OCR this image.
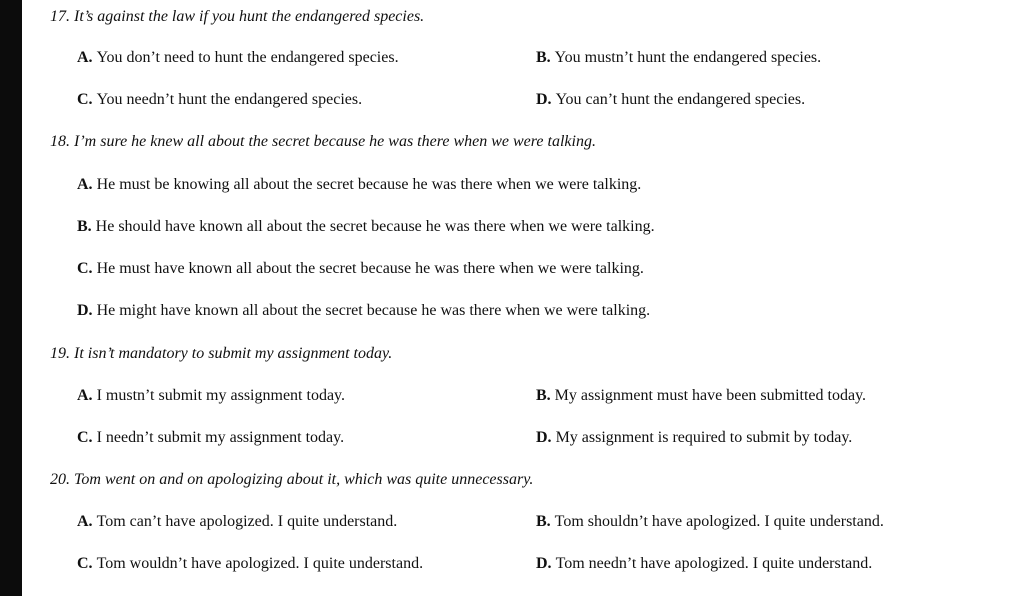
17. It’s against the law if you hunt the endangered species.
A. You don’t need to hunt the endangered species.	B. You mustn’t hunt the endangered species.
C. You needn’t hunt the endangered species.	D. You can’t hunt the endangered species.
18. I’m sure he knew all about the secret because he was there when we were talking.
A. He must be knowing all about the secret because he was there when we were talking.
B. He should have known all about the secret because he was there when we were talking.
C. He must have known all about the secret because he was there when we were talking.
D. He might have known all about the secret because he was there when we were talking.
19. It isn’t mandatory to submit my assignment today.
A. I mustn’t submit my assignment today.	B. My assignment must have been submitted today.
C. I needn’t submit my assignment today.	D. My assignment is required to submit by today.
20. Tom went on and on apologizing about it, which was quite unnecessary.
A. Tom can’t have apologized. I quite understand.	B. Tom shouldn’t have apologized. I quite understand.
C. Tom wouldn’t have apologized. I quite understand.	D. Tom needn’t have apologized. I quite understand.
